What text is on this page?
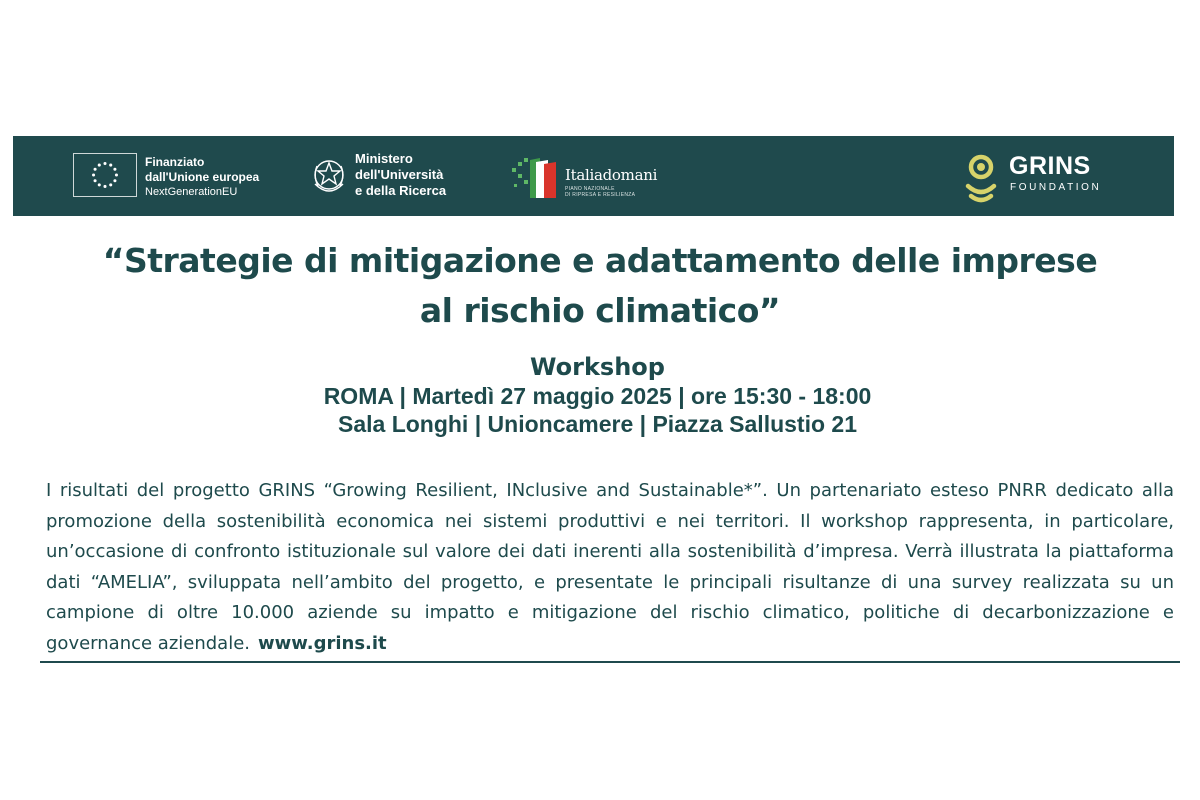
Finanziato
dall'Unione europea
NextGenerationEU
Ministero
dell'Università
e della Ricerca
Italiadomani
PIANO NAZIONALE
DI RIPRESA E RESILIENZA
GRINS
FOUNDATION
“Strategie di mitigazione e adattamento delle imprese
al rischio climatico”
Workshop
ROMA | Martedì 27 maggio 2025 | ore 15:30 - 18:00
Sala Longhi | Unioncamere | Piazza Sallustio 21
I risultati del progetto GRINS “Growing Resilient, INclusive and Sustainable*”. Un partenariato esteso PNRR dedicato alla promozione della sostenibilità economica nei sistemi produttivi e nei territori. Il workshop rappresenta, in particolare, un’occasione di confronto istituzionale sul valore dei dati inerenti alla sostenibilità d’impresa. Verrà illustrata la piattaforma dati “AMELIA”, sviluppata nell’ambito del progetto, e presentate le principali risultanze di una survey realizzata su un campione di oltre 10.000 aziende su impatto e mitigazione del rischio climatico, politiche di decarbonizzazione e governance aziendale. www.grins.it
